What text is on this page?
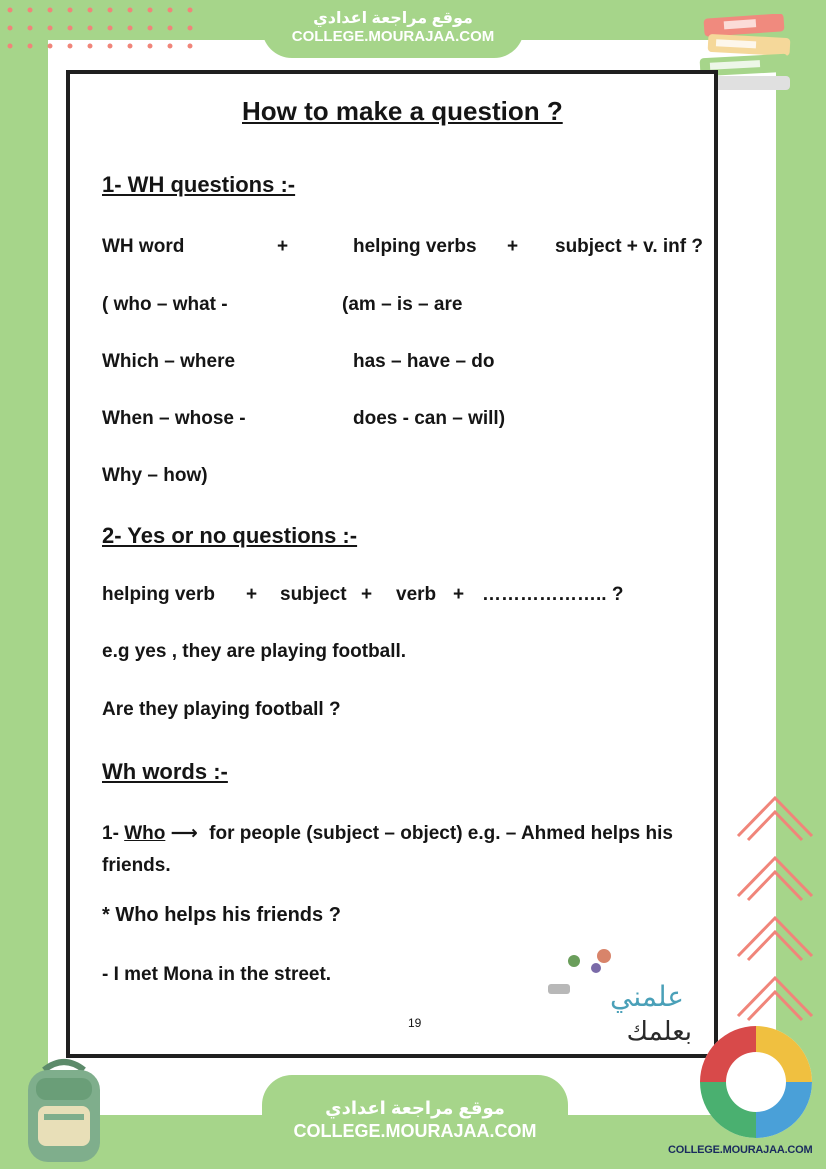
موقع مراجعة اعدادي
COLLEGE.MOURAJAA.COM
How to make a question ?
1- WH questions :-
WH word	+	helping verbs + subject + v. inf ?
( who – what -	(am – is – are
Which – where	has – have – do
When – whose -	does - can – will)
Why – how)
2- Yes or no questions :-
helping verb + subject + verb + ……………….. ?
e.g yes , they are playing football.
Are they playing football ?
Wh words :-
1- Who ⟶ for people (subject – object) e.g. – Ahmed helps his
friends.
* Who helps his friends ?
- I met Mona in the street.
19
علمني
بعلمك
COLLEGE.MOURAJAA.COM
موقع مراجعة اعدادي
COLLEGE.MOURAJAA.COM
